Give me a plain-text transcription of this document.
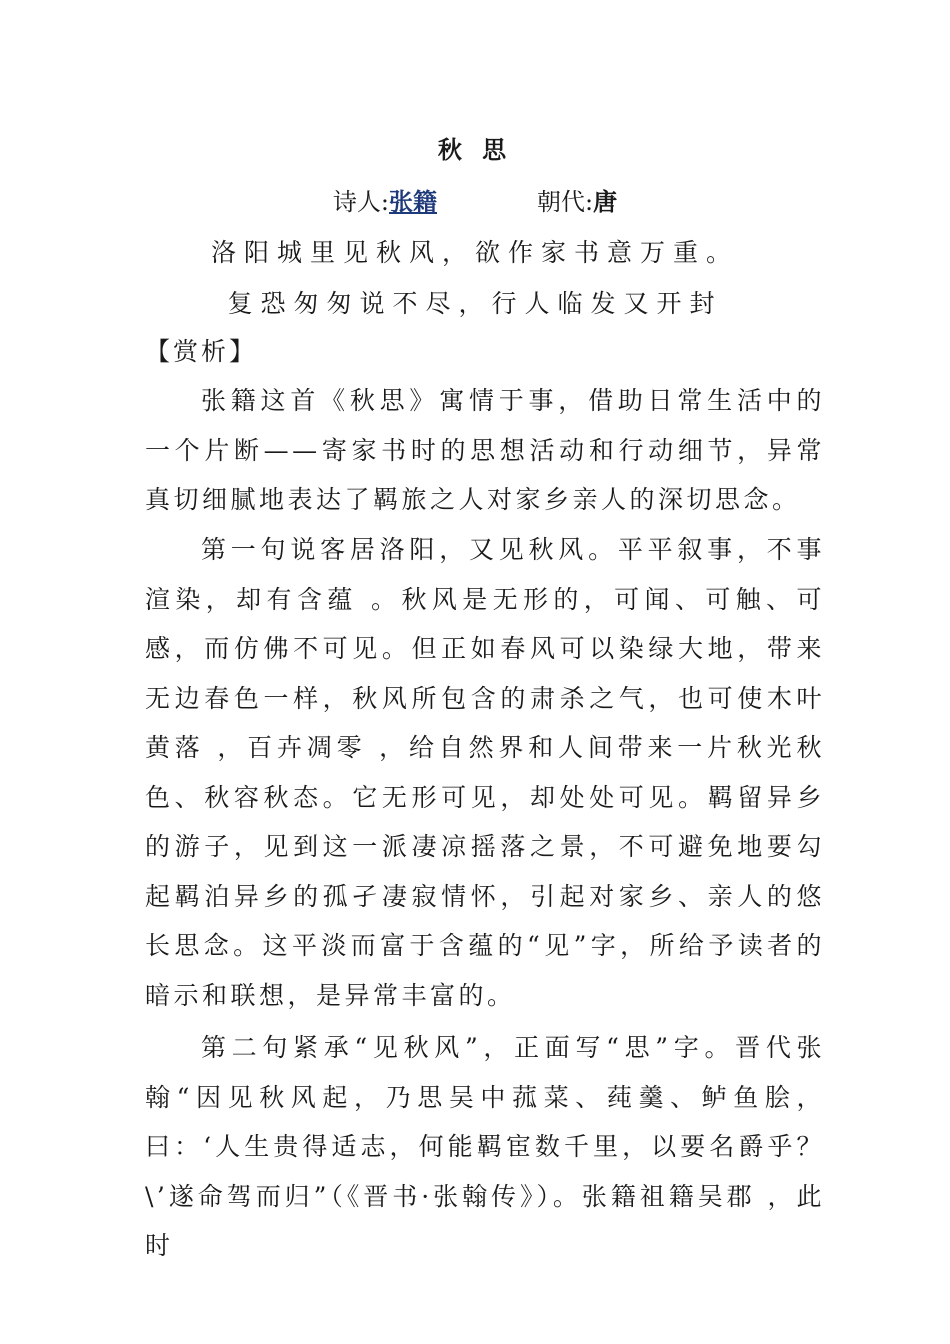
秋 思
诗人:张籍	朝代:唐
洛阳城里见秋风，欲作家书意万重。
复恐匆匆说不尽，行人临发又开封
【赏析】

张籍这首《秋思》寓情于事，借助日常生活中的一个片断——寄家书时的思想活动和行动细节，异常真切细腻地表达了羁旅之人对家乡亲人的深切思念。

第一句说客居洛阳，又见秋风。平平叙事，不事渲染，却有含蕴 。秋风是无形的，可闻、可触、可感，而仿佛不可见。但正如春风可以染绿大地，带来无边春色一样，秋风所包含的肃杀之气，也可使木叶黄落 ，百卉凋零 ，给自然界和人间带来一片秋光秋色、秋容秋态。它无形可见，却处处可见。羁留异乡的游子，见到这一派凄凉摇落之景，不可避免地要勾起羁泊异乡的孤孑凄寂情怀，引起对家乡、亲人的悠长思念。这平淡而富于含蕴的“见”字，所给予读者的暗示和联想，是异常丰富的。

第二句紧承“见秋风”，正面写“思”字。晋代张翰“因见秋风起，乃思吴中菰菜、莼羹、鲈鱼脍，曰：‘人生贵得适志，何能羁宦数千里，以要名爵乎？\’遂命驾而归”（《晋书·张翰传》）。张籍祖籍吴郡 ，此时
